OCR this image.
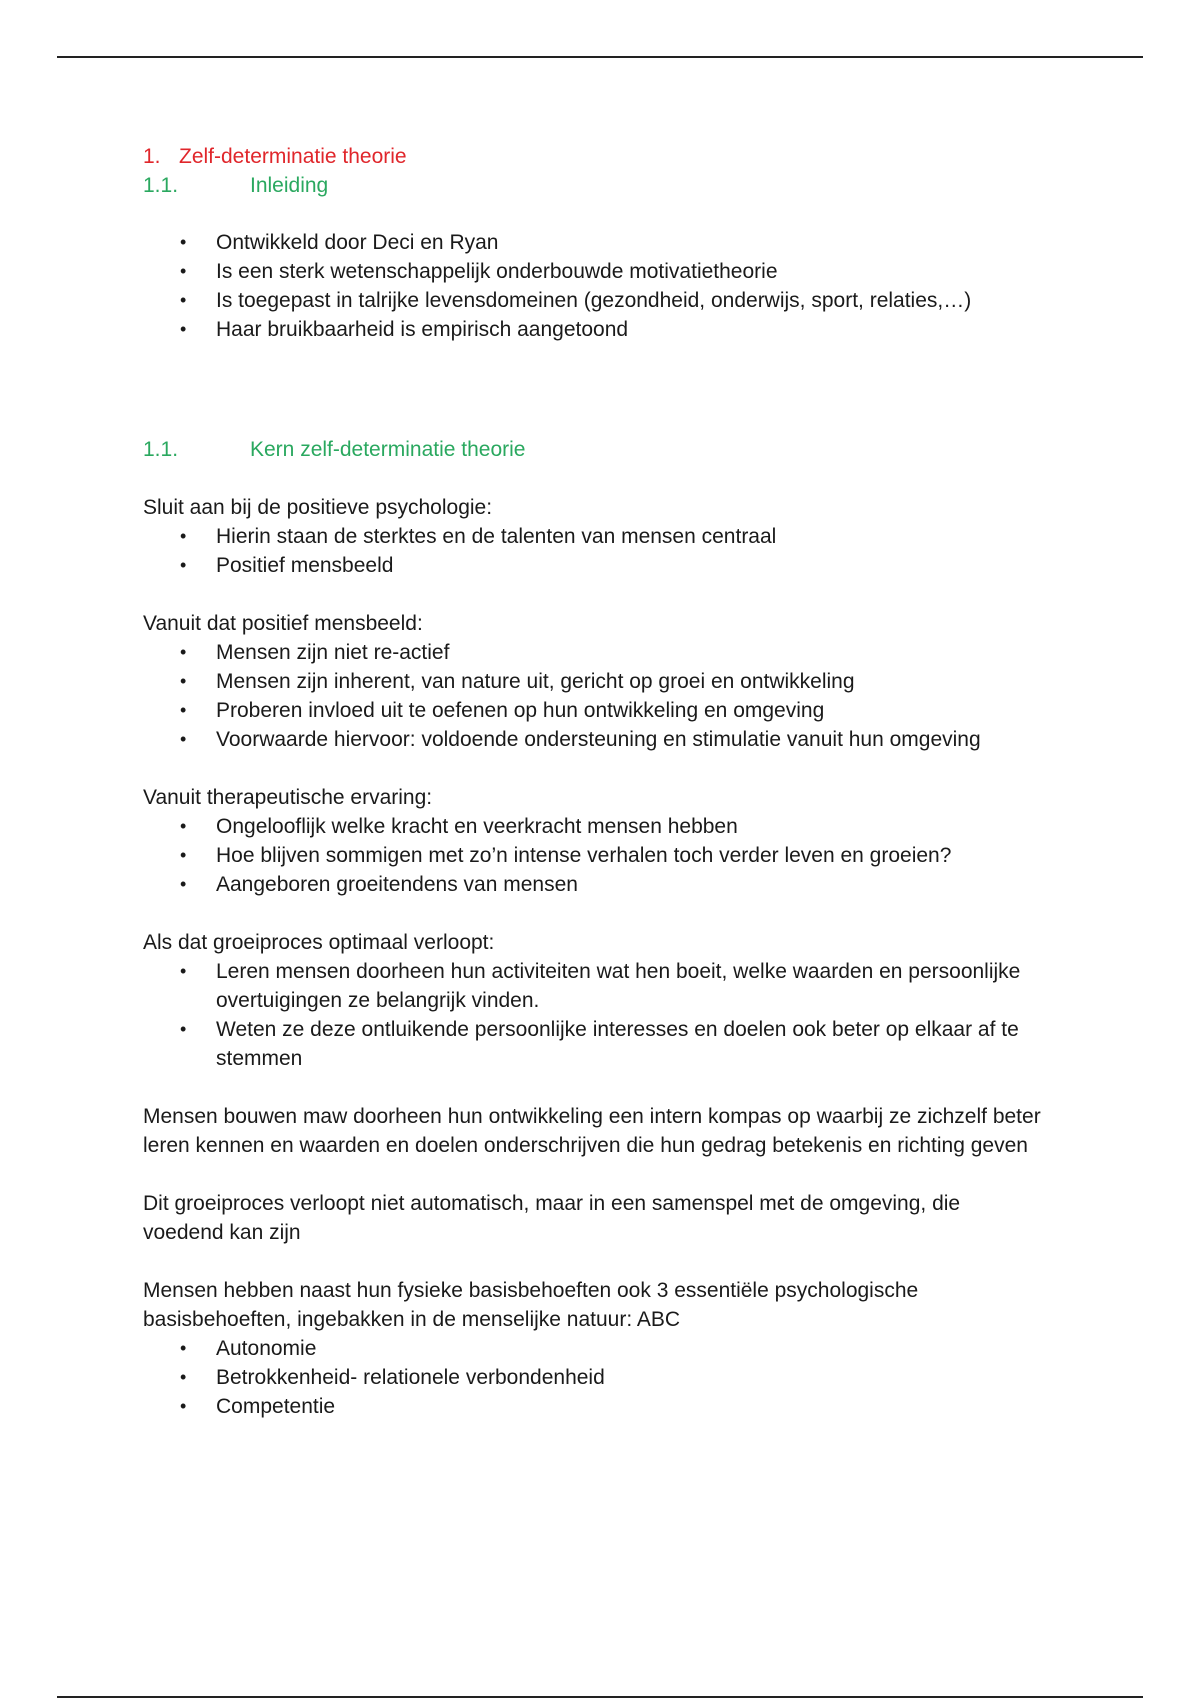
1. Zelf-determinatie theorie
1.1.	Inleiding
• Ontwikkeld door Deci en Ryan
• Is een sterk wetenschappelijk onderbouwde motivatietheorie
• Is toegepast in talrijke levensdomeinen (gezondheid, onderwijs, sport, relaties,…)
• Haar bruikbaarheid is empirisch aangetoond
1.1.	Kern zelf-determinatie theorie

Sluit aan bij de positieve psychologie:

• Hierin staan de sterktes en de talenten van mensen centraal
• Positief mensbeeld

Vanuit dat positief mensbeeld:

• Mensen zijn niet re-actief
• Mensen zijn inherent, van nature uit, gericht op groei en ontwikkeling
• Proberen invloed uit te oefenen op hun ontwikkeling en omgeving
• Voorwaarde hiervoor: voldoende ondersteuning en stimulatie vanuit hun omgeving

Vanuit therapeutische ervaring:

• Ongelooflijk welke kracht en veerkracht mensen hebben
• Hoe blijven sommigen met zo’n intense verhalen toch verder leven en groeien?
• Aangeboren groeitendens van mensen

Als dat groeiproces optimaal verloopt:

• Leren mensen doorheen hun activiteiten wat hen boeit, welke waarden en persoonlijke overtuigingen ze belangrijk vinden.
• Weten ze deze ontluikende persoonlijke interesses en doelen ook beter op elkaar af te stemmen

Mensen bouwen maw doorheen hun ontwikkeling een intern kompas op waarbij ze zichzelf beter leren kennen en waarden en doelen onderschrijven die hun gedrag betekenis en richting geven

Dit groeiproces verloopt niet automatisch, maar in een samenspel met de omgeving, die voedend kan zijn

Mensen hebben naast hun fysieke basisbehoeften ook 3 essentiële psychologische basisbehoeften, ingebakken in de menselijke natuur: ABC

• Autonomie
• Betrokkenheid- relationele verbondenheid
• Competentie
